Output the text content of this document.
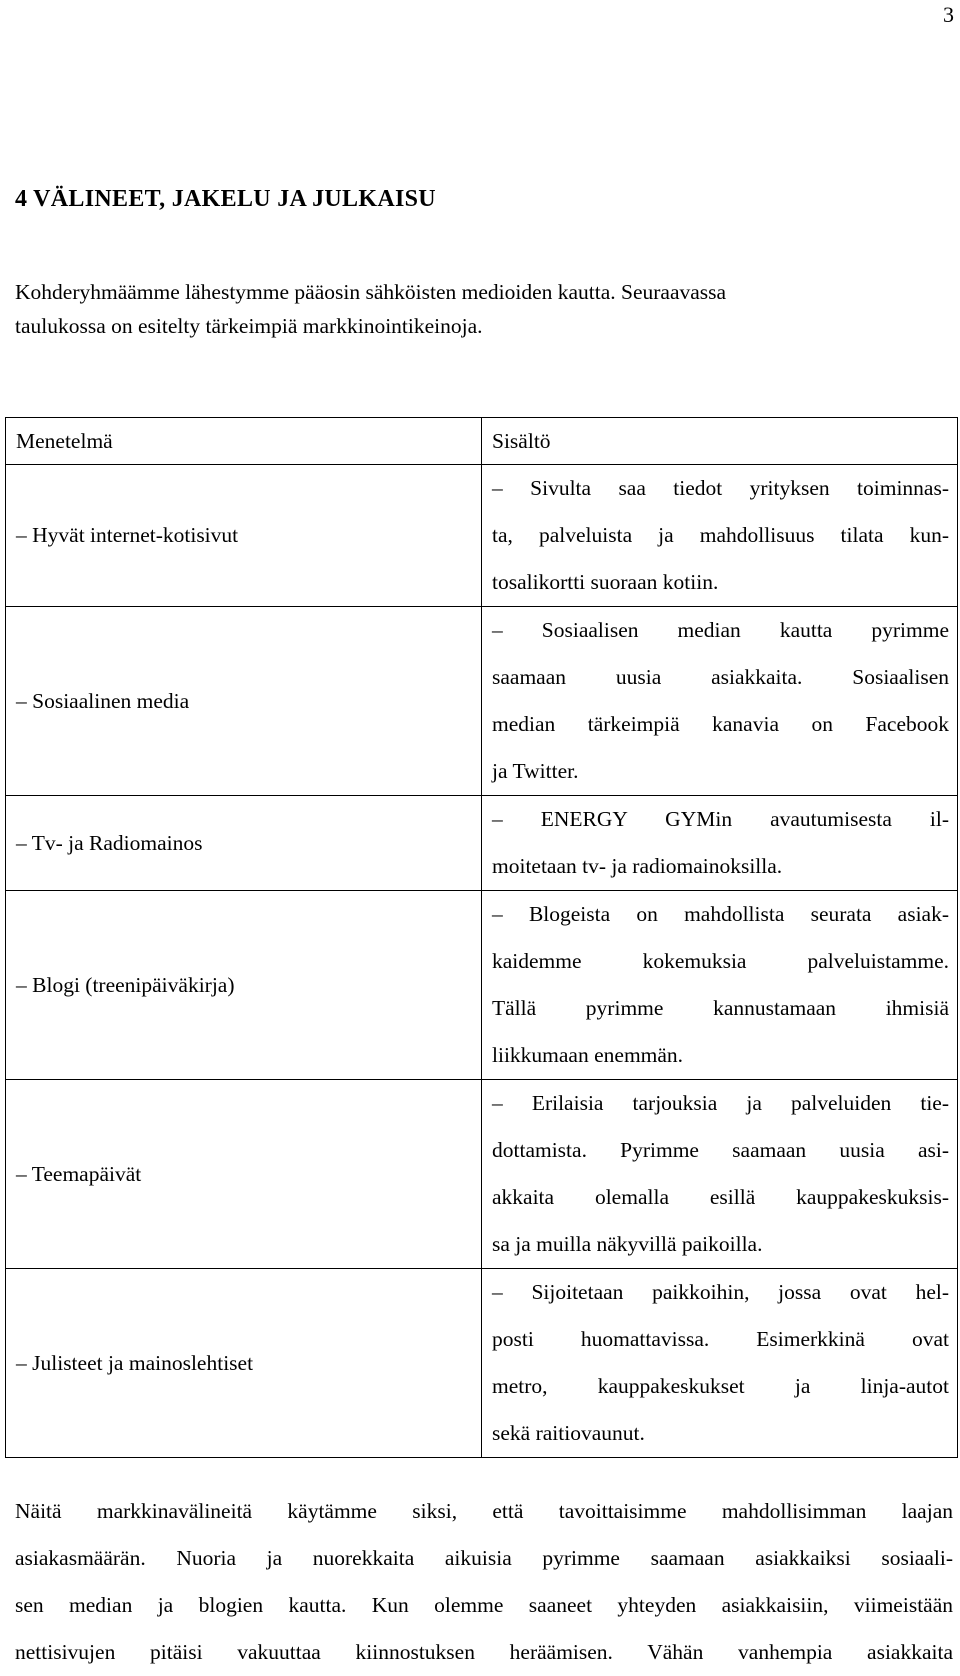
3
4 VÄLINEET, JAKELU JA JULKAISU

Kohderyhmäämme lähestymme pääosin sähköisten medioiden kautta. Seuraavassa
taulukossa on esitelty tärkeimpiä markkinointikeinoja.

Menetelmä	Sisältö

– Hyvät internet-kotisivut	– Sivulta saa tiedot yrityksen toiminnas-
ta, palveluista ja mahdollisuus tilata kun-
tosalikortti suoraan kotiin.

– Sosiaalinen media	– Sosiaalisen median kautta pyrimme
saamaan uusia asiakkaita. Sosiaalisen
median tärkeimpiä kanavia on Facebook
ja Twitter.

– Tv- ja Radiomainos	– ENERGY GYMin avautumisesta il-
moitetaan tv- ja radiomainoksilla.

– Blogi (treenipäiväkirja)	– Blogeista on mahdollista seurata asiak-
kaidemme kokemuksia palveluistamme.
Tällä pyrimme kannustamaan ihmisiä
liikkumaan enemmän.

– Teemapäivät	– Erilaisia tarjouksia ja palveluiden tie-
dottamista. Pyrimme saamaan uusia asi-
akkaita olemalla esillä kauppakeskuksis-
sa ja muilla näkyvillä paikoilla.

– Julisteet ja mainoslehtiset	– Sijoitetaan paikkoihin, jossa ovat hel-
posti huomattavissa. Esimerkkinä ovat
metro, kauppakeskukset ja linja-autot
sekä raitiovaunut.
Näitä markkinavälineitä käytämme siksi, että tavoittaisimme mahdollisimman laajan
asiakasmäärän. Nuoria ja nuorekkaita aikuisia pyrimme saamaan asiakkaiksi sosiaali-
sen median ja blogien kautta. Kun olemme saaneet yhteyden asiakkaisiin, viimeistään
nettisivujen pitäisi vakuuttaa kiinnostuksen heräämisen. Vähän vanhempia asiakkaita
